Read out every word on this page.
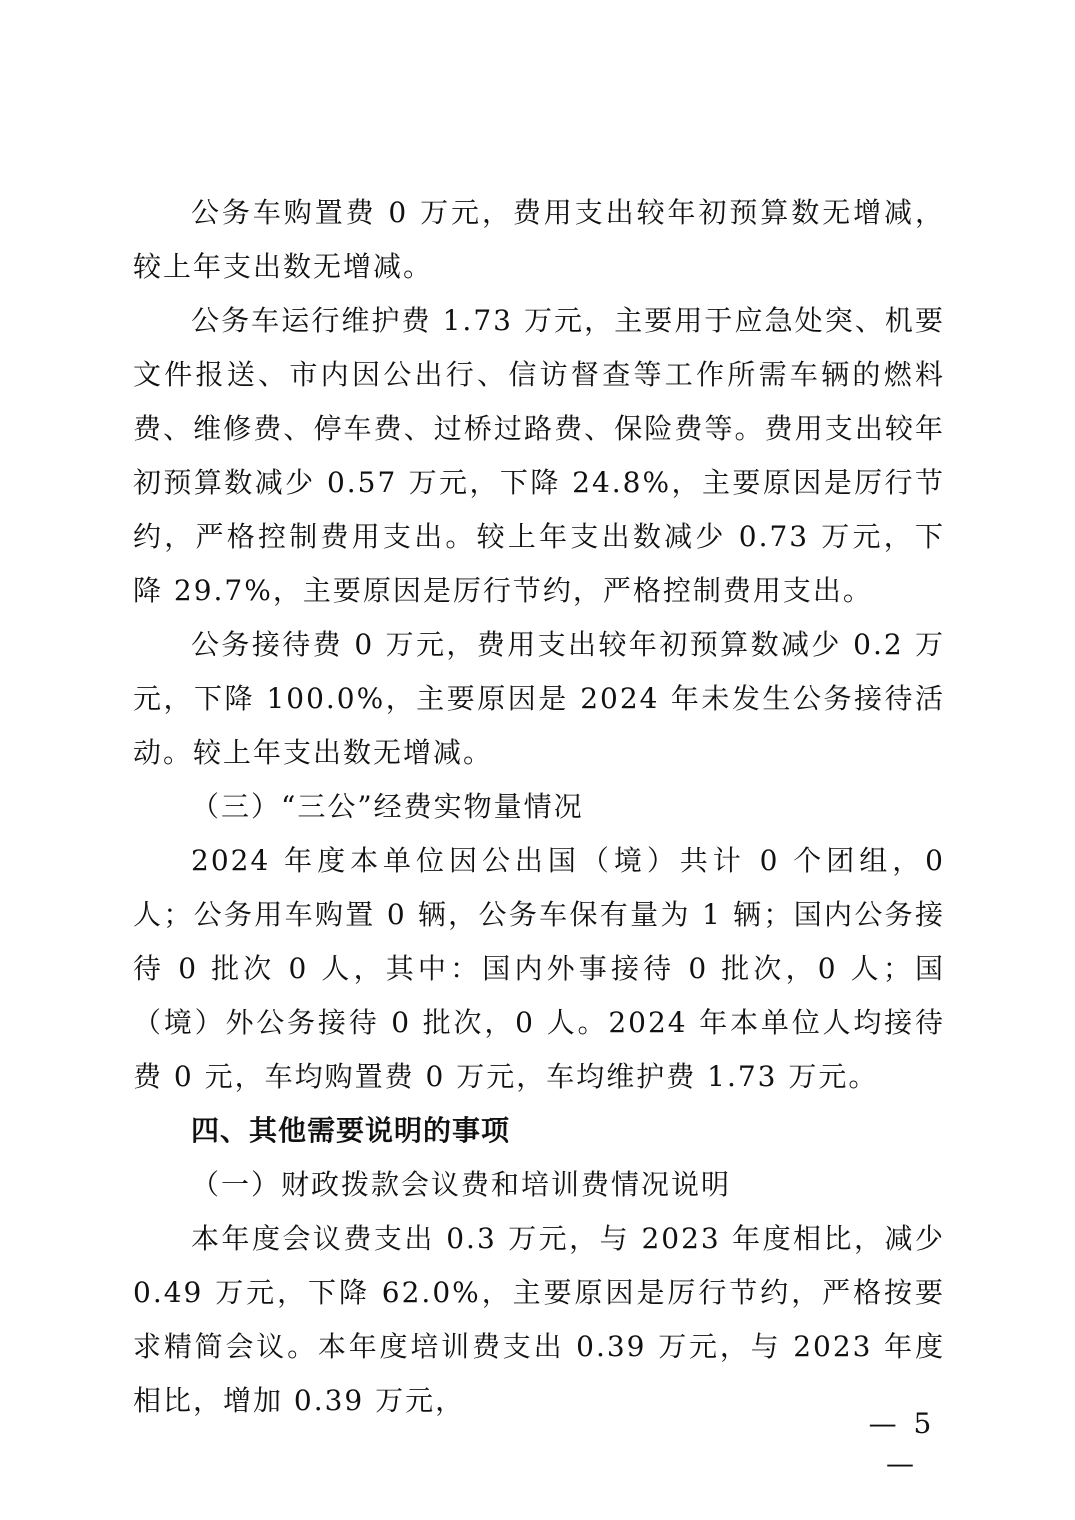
公务车购置费 0 万元，费用支出较年初预算数无增减，较上年支出数无增减。

公务车运行维护费 1.73 万元，主要用于应急处突、机要文件报送、市内因公出行、信访督查等工作所需车辆的燃料费、维修费、停车费、过桥过路费、保险费等。费用支出较年初预算数减少 0.57 万元，下降 24.8%，主要原因是厉行节约，严格控制费用支出。较上年支出数减少 0.73 万元，下降 29.7%，主要原因是厉行节约，严格控制费用支出。

公务接待费 0 万元，费用支出较年初预算数减少 0.2 万元，下降 100.0%，主要原因是 2024 年未发生公务接待活动。较上年支出数无增减。

（三）“三公”经费实物量情况

2024 年度本单位因公出国（境）共计 0 个团组，0 人；公务用车购置 0 辆，公务车保有量为 1 辆；国内公务接待 0 批次 0 人，其中：国内外事接待 0 批次，0 人；国（境）外公务接待 0 批次，0 人。2024 年本单位人均接待费 0 元，车均购置费 0 万元，车均维护费 1.73 万元。

四、其他需要说明的事项

（一）财政拨款会议费和培训费情况说明

本年度会议费支出 0.3 万元，与 2023 年度相比，减少 0.49 万元，下降 62.0%，主要原因是厉行节约，严格按要求精简会议。本年度培训费支出 0.39 万元，与 2023 年度相比，增加 0.39 万元，

— 5 —
